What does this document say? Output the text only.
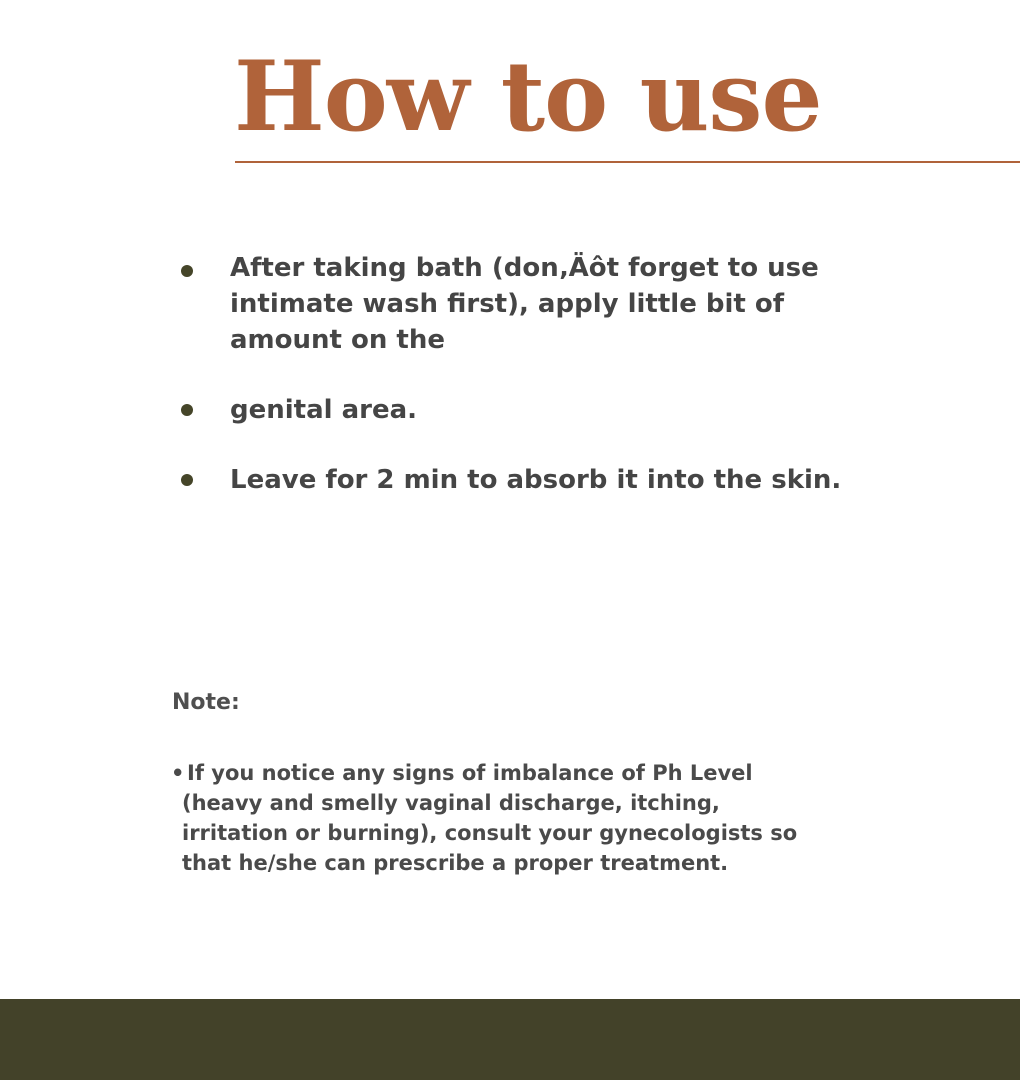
How to use

After taking bath (don‚Äôt forget to use intimate wash first), apply little bit of amount on the

genital area.

Leave for 2 min to absorb it into the skin.

Note:

• If you notice any signs of imbalance of Ph Level (heavy and smelly vaginal discharge, itching, irritation or burning), consult your gynecologists so that he/she can prescribe a proper treatment.
